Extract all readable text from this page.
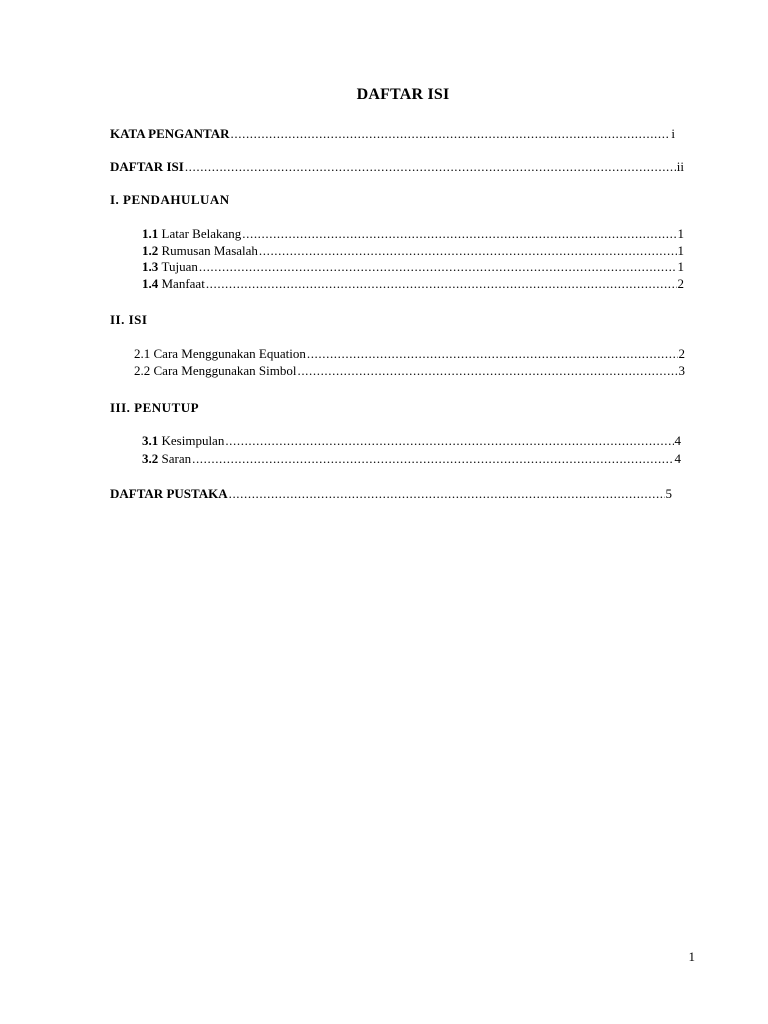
DAFTAR ISI
KATA PENGANTAR .....	i
DAFTAR ISI .....	ii
I. PENDAHULUAN
1.1 Latar Belakang .....	1
1.2 Rumusan Masalah .....	1
1.3 Tujuan .....	1
1.4 Manfaat .....	2
II. ISI
2.1 Cara Menggunakan Equation .....	2
2.2 Cara Menggunakan Simbol .....	3
III. PENUTUP
3.1 Kesimpulan .....	4
3.2 Saran .....	4
DAFTAR PUSTAKA .....	5
1
